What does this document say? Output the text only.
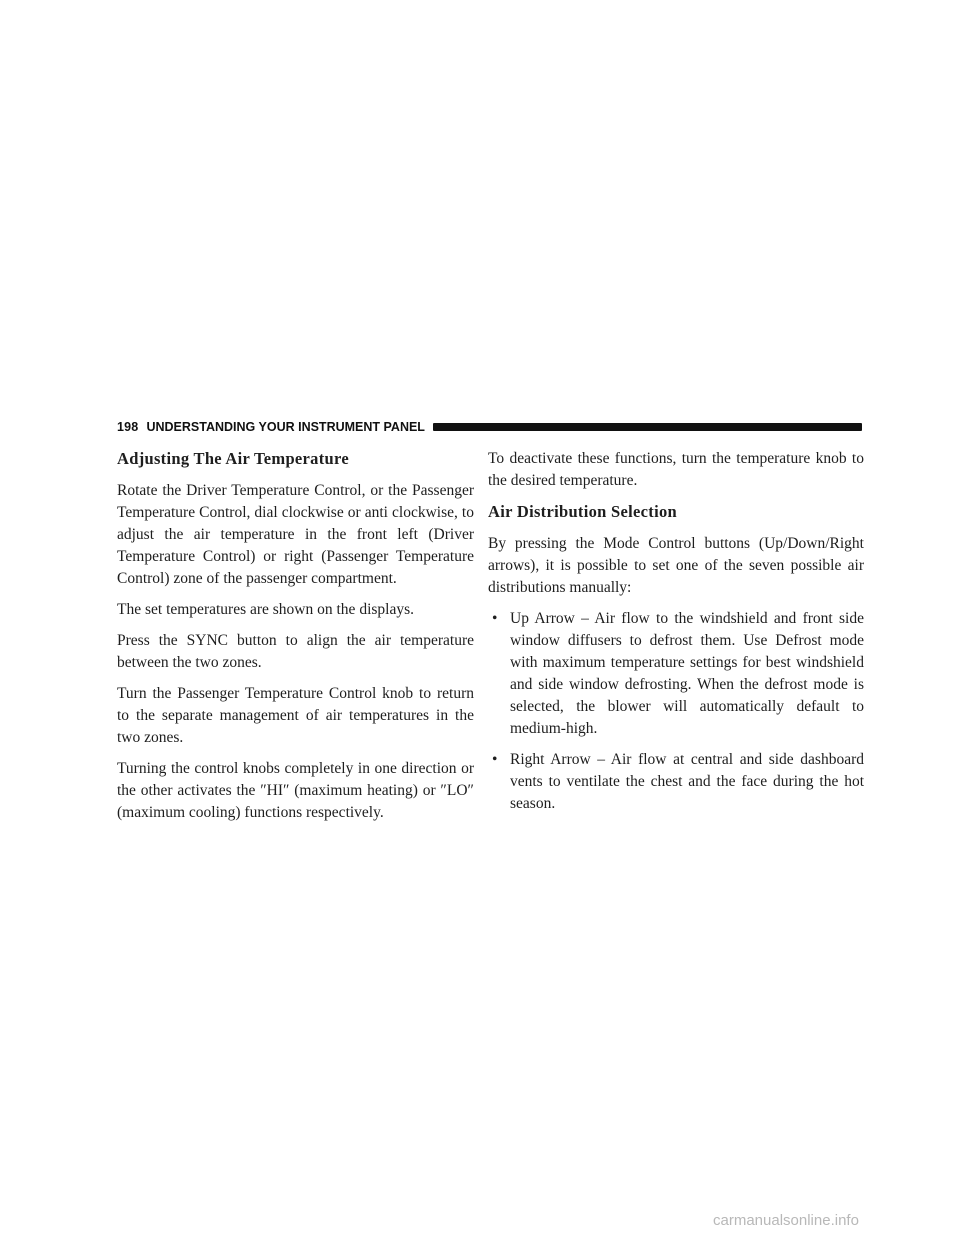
198 UNDERSTANDING YOUR INSTRUMENT PANEL
Adjusting The Air Temperature

Rotate the Driver Temperature Control, or the Passenger Temperature Control, dial clockwise or anti clockwise, to adjust the air temperature in the front left (Driver Temperature Control) or right (Passenger Temperature Control) zone of the passenger compartment.

The set temperatures are shown on the displays.

Press the SYNC button to align the air temperature between the two zones.

Turn the Passenger Temperature Control knob to return to the separate management of air temperatures in the two zones.

Turning the control knobs completely in one direction or the other activates the ″HI″ (maximum heating) or ″LO″ (maximum cooling) functions respectively.

To deactivate these functions, turn the temperature knob to the desired temperature.

Air Distribution Selection

By pressing the Mode Control buttons (Up/Down/Right arrows), it is possible to set one of the seven possible air distributions manually:

• Up Arrow – Air flow to the windshield and front side window diffusers to defrost them. Use Defrost mode with maximum temperature settings for best windshield and side window defrosting. When the defrost mode is selected, the blower will automatically default to medium-high.
• Right Arrow – Air flow at central and side dashboard vents to ventilate the chest and the face during the hot season.
carmanualsonline.info
